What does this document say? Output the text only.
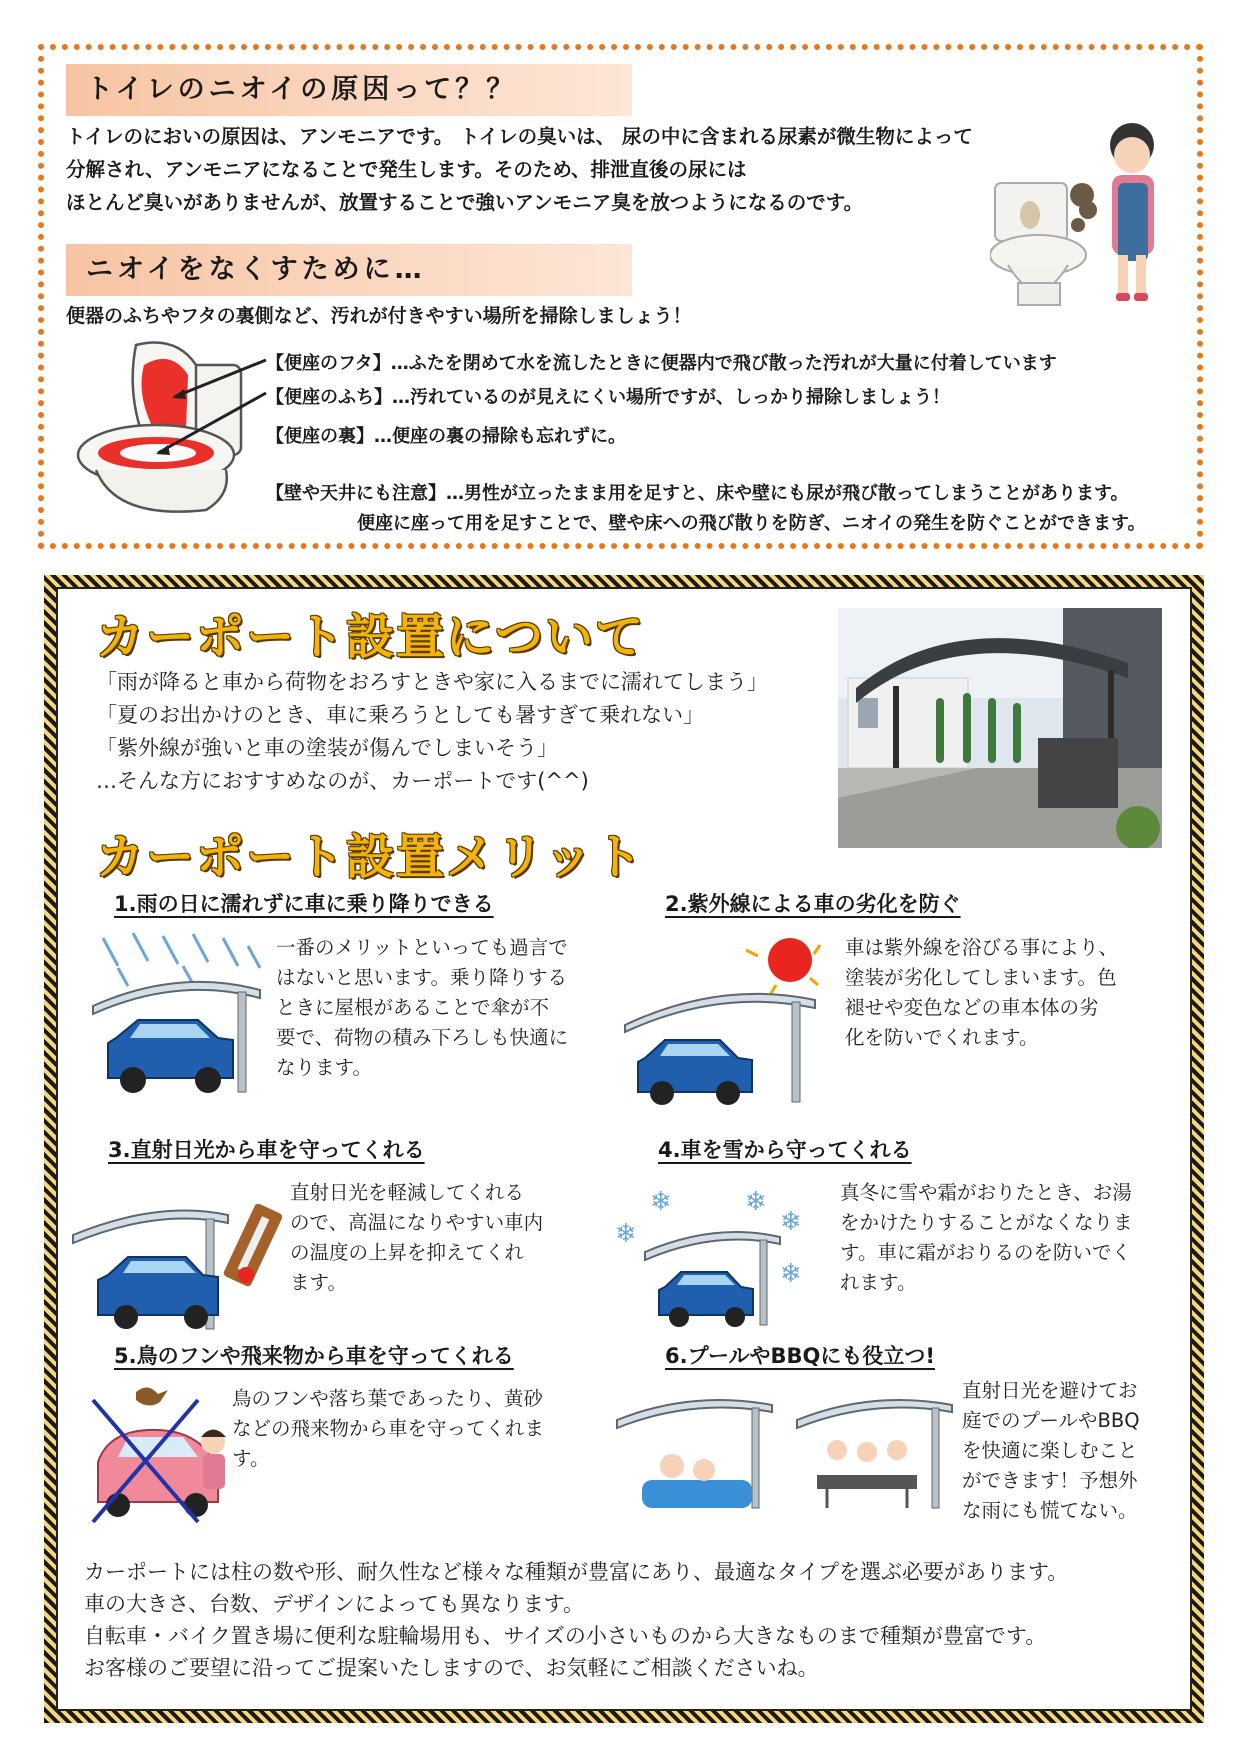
トイレのニオイの原因って？？
トイレのにおいの原因は、アンモニアです。 トイレの臭いは、 尿の中に含まれる尿素が微生物によって
分解され、アンモニアになることで発生します。そのため、排泄直後の尿には
ほとんど臭いがありませんが、放置することで強いアンモニア臭を放つようになるのです。
ニオイをなくすために…
便器のふちやフタの裏側など、汚れが付きやすい場所を掃除しましょう！
【便座のフタ】…ふたを閉めて水を流したときに便器内で飛び散った汚れが大量に付着しています
【便座のふち】…汚れているのが見えにくい場所ですが、しっかり掃除しましょう！
【便座の裏】…便座の裏の掃除も忘れずに。
【壁や天井にも注意】…男性が立ったまま用を足すと、床や壁にも尿が飛び散ってしまうことがあります。
便座に座って用を足すことで、壁や床への飛び散りを防ぎ、ニオイの発生を防ぐことができます。
カーポート設置について
「雨が降ると車から荷物をおろすときや家に入るまでに濡れてしまう」
「夏のお出かけのとき、車に乗ろうとしても暑すぎて乗れない」
「紫外線が強いと車の塗装が傷んでしまいそう」
…そんな方におすすめなのが、カーポートです(^^)
カーポート設置メリット
1.雨の日に濡れずに車に乗り降りできる
一番のメリットといっても過言で
はないと思います。乗り降りする
ときに屋根があることで傘が不
要で、荷物の積み下ろしも快適に
なります。
2.紫外線による車の劣化を防ぐ
車は紫外線を浴びる事により、
塗装が劣化してしまいます。色
褪せや変色などの車本体の劣
化を防いでくれます。
3.直射日光から車を守ってくれる
直射日光を軽減してくれる
ので、高温になりやすい車内
の温度の上昇を抑えてくれ
ます。
4.車を雪から守ってくれる
❄
❄	❄
❄
❄
真冬に雪や霜がおりたとき、お湯
をかけたりすることがなくなりま
す。車に霜がおりるのを防いでく
れます。
5.鳥のフンや飛来物から車を守ってくれる
鳥のフンや落ち葉であったり、黄砂
などの飛来物から車を守ってくれま
す。
6.プールやBBQにも役立つ!
直射日光を避けてお
庭でのプールやBBQ
を快適に楽しむこと
ができます！予想外
な雨にも慌てない。
カーポートには柱の数や形、耐久性など様々な種類が豊富にあり、最適なタイプを選ぶ必要があります。
車の大きさ、台数、デザインによっても異なります。
自転車・バイク置き場に便利な駐輪場用も、サイズの小さいものから大きなものまで種類が豊富です。
お客様のご要望に沿ってご提案いたしますので、お気軽にご相談くださいね。
